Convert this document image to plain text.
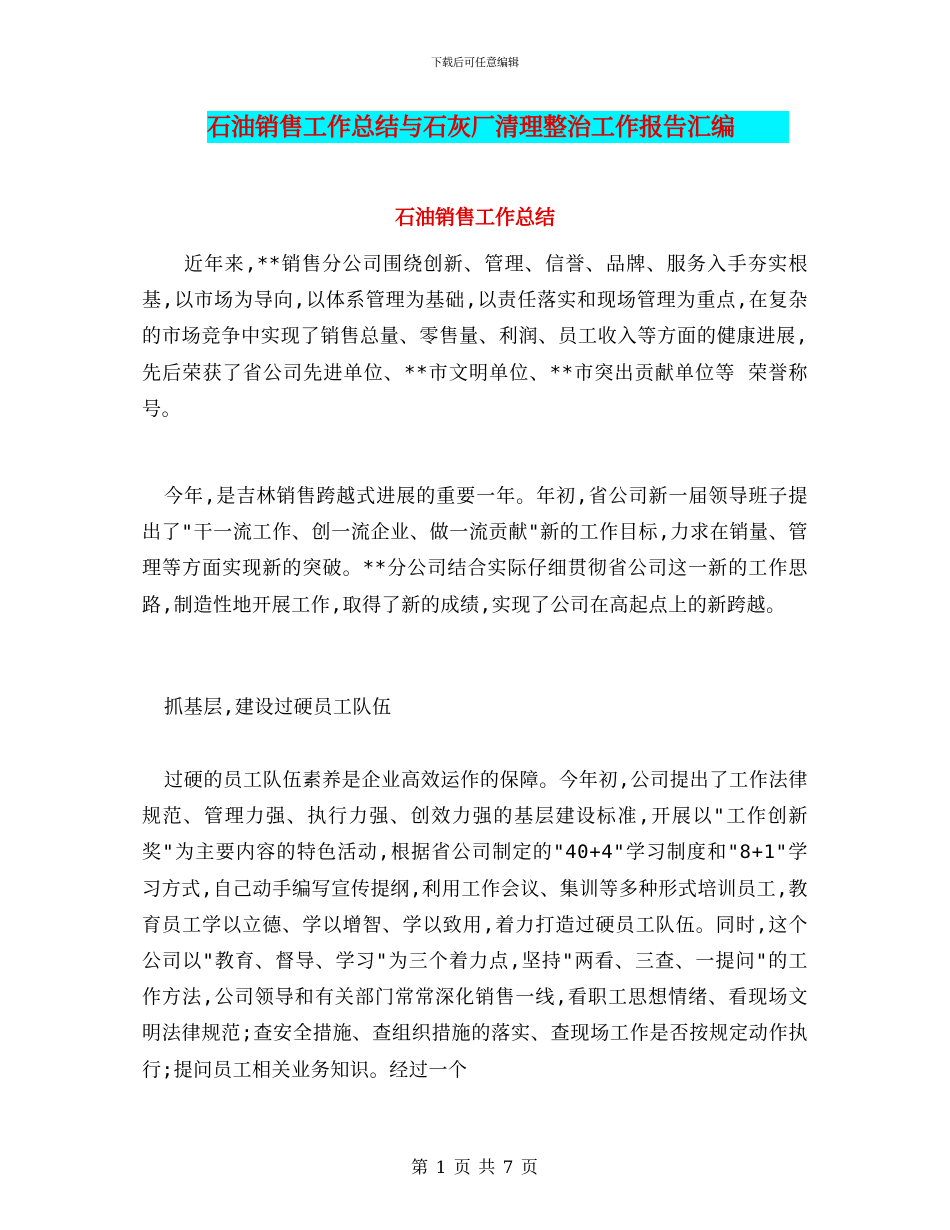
下载后可任意编辑
石油销售工作总结与石灰厂清理整治工作报告汇编
石油销售工作总结

近年来,**销售分公司围绕创新、管理、信誉、品牌、服务入手夯实根基,以市场为导向,以体系管理为基础,以责任落实和现场管理为重点,在复杂的市场竞争中实现了销售总量、零售量、利润、员工收入等方面的健康进展,先后荣获了省公司先进单位、**市文明单位、**市突出贡献单位等 荣誉称号。

今年,是吉林销售跨越式进展的重要一年。年初,省公司新一届领导班子提出了"干一流工作、创一流企业、做一流贡献"新的工作目标,力求在销量、管理等方面实现新的突破。**分公司结合实际仔细贯彻省公司这一新的工作思路,制造性地开展工作,取得了新的成绩,实现了公司在高起点上的新跨越。

抓基层,建设过硬员工队伍

过硬的员工队伍素养是企业高效运作的保障。今年初,公司提出了工作法律规范、管理力强、执行力强、创效力强的基层建设标准,开展以"工作创新奖"为主要内容的特色活动,根据省公司制定的"40+4"学习制度和"8+1"学习方式,自己动手编写宣传提纲,利用工作会议、集训等多种形式培训员工,教育员工学以立德、学以增智、学以致用,着力打造过硬员工队伍。同时,这个公司以"教育、督导、学习"为三个着力点,坚持"两看、三查、一提问"的工作方法,公司领导和有关部门常常深化销售一线,看职工思想情绪、看现场文明法律规范;查安全措施、查组织措施的落实、查现场工作是否按规定动作执行;提问员工相关业务知识。经过一个

第 1 页 共 7 页
